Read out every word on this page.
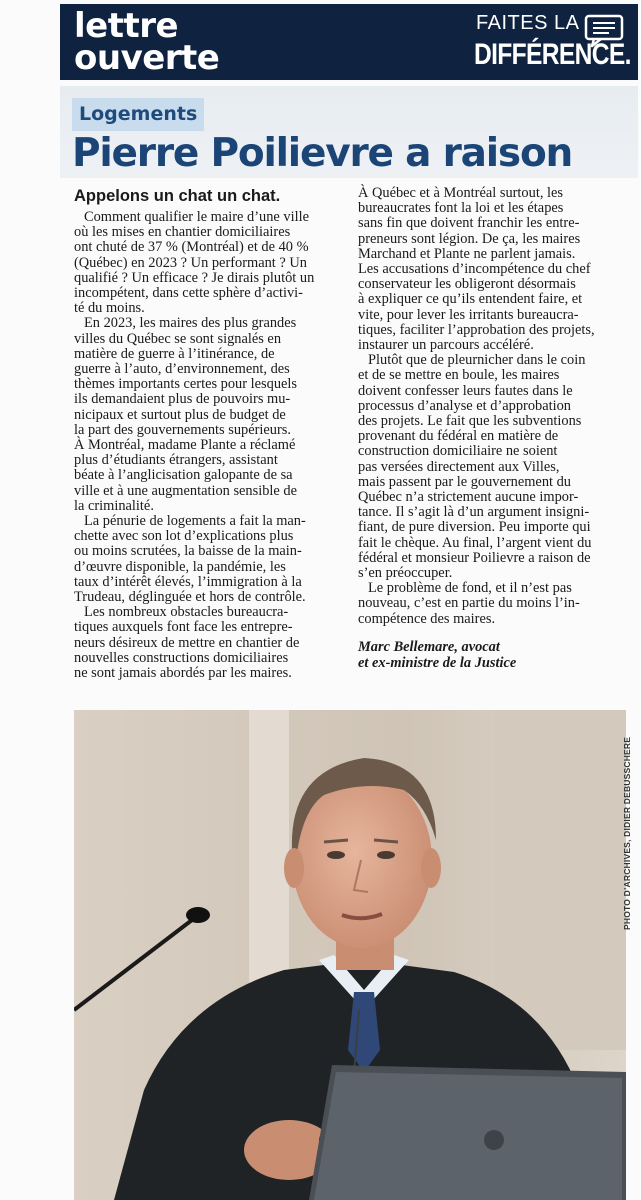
lettre
ouverte
FAITES LA
DIFFÉRENCE.
Logements
Pierre Poilievre a raison
Appelons un chat un chat.
Comment qualifier le maire d’une ville
où les mises en chantier domiciliaires
ont chuté de 37 % (Montréal) et de 40 %
(Québec) en 2023 ? Un performant ? Un
qualifié ? Un efficace ? Je dirais plutôt un
incompétent, dans cette sphère d’activi-
té du moins.
En 2023, les maires des plus grandes
villes du Québec se sont signalés en
matière de guerre à l’itinérance, de
guerre à l’auto, d’environnement, des
thèmes importants certes pour lesquels
ils demandaient plus de pouvoirs mu-
nicipaux et surtout plus de budget de
la part des gouvernements supérieurs.
À Montréal, madame Plante a réclamé
plus d’étudiants étrangers, assistant
béate à l’anglicisation galopante de sa
ville et à une augmentation sensible de
la criminalité.
La pénurie de logements a fait la man-
chette avec son lot d’explications plus
ou moins scrutées, la baisse de la main-
d’œuvre disponible, la pandémie, les
taux d’intérêt élevés, l’immigration à la
Trudeau, déglinguée et hors de contrôle.
Les nombreux obstacles bureaucra-
tiques auxquels font face les entrepre-
neurs désireux de mettre en chantier de
nouvelles constructions domiciliaires
ne sont jamais abordés par les maires.
À Québec et à Montréal surtout, les
bureaucrates font la loi et les étapes
sans fin que doivent franchir les entre-
preneurs sont légion. De ça, les maires
Marchand et Plante ne parlent jamais.
Les accusations d’incompétence du chef
conservateur les obligeront désormais
à expliquer ce qu’ils entendent faire, et
vite, pour lever les irritants bureaucra-
tiques, faciliter l’approbation des projets,
instaurer un parcours accéléré.
Plutôt que de pleurnicher dans le coin
et de se mettre en boule, les maires
doivent confesser leurs fautes dans le
processus d’analyse et d’approbation
des projets. Le fait que les subventions
provenant du fédéral en matière de
construction domiciliaire ne soient
pas versées directement aux Villes,
mais passent par le gouvernement du
Québec n’a strictement aucune impor-
tance. Il s’agit là d’un argument insigni-
fiant, de pure diversion. Peu importe qui
fait le chèque. Au final, l’argent vient du
fédéral et monsieur Poilievre a raison de
s’en préoccuper.
Le problème de fond, et il n’est pas
nouveau, c’est en partie du moins l’in-
compétence des maires.
Marc Bellemare, avocat
et ex-ministre de la Justice
PHOTO D’ARCHIVES, DIDIER DEBUSSCHERE
